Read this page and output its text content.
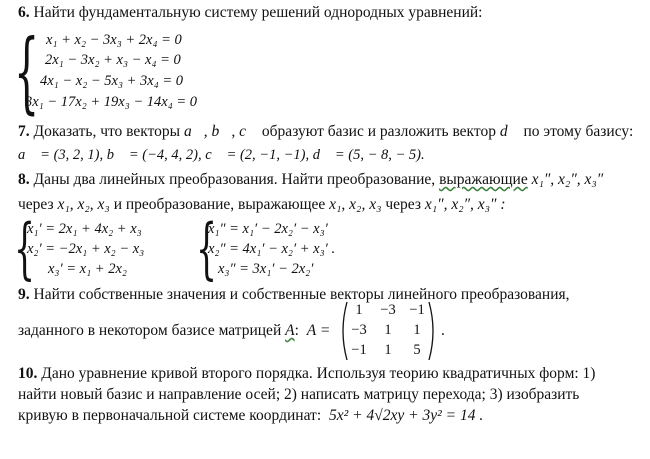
6. Найти фундаментальную систему решений однородных уравнений:
{ x₁ + x₂ − 3x₃ + 2x₄ = 0
2x₁ − 3x₂ + x₃ − x₄ = 0
4x₁ − x₂ − 5x₃ + 3x₄ = 0
3x₁ − 17x₂ + 19x₃ − 14x₄ = 0
7. Доказать, что векторы a⃗, b⃗, c⃗ образуют базис и разложить вектор d⃗ по этому базису:
a⃗ = (3, 2, 1), b⃗ = (−4, 4, 2), c⃗ = (2, −1, −1), d⃗ = (5, − 8, − 5).
8. Даны два линейных преобразования. Найти преобразование, выражающие x₁″, x₂″, x₃″
через x₁, x₂, x₃ и преобразование, выражающее x₁, x₂, x₃ через x₁″, x₂″, x₃″ :
{
x₁′ = 2x₁ + 4x₂ + x₃
x₂′ = −2x₁ + x₂ − x₃
x₃′ = x₁ + 2x₂ {
x₁″ = x₁′ − 2x₂′ − x₃′
x₂″ = 4x₁′ − x₂′ + x₃′ .
x₃″ = 3x₁′ − 2x₂′
9. Найти собственные значения и собственные векторы линейного преобразования,
заданного в некотором базисе матрицей A: A =
1	−3 −1
−3	1	1
−1	1	5
.
10. Дано уравнение кривой второго порядка. Используя теорию квадратичных форм: 1)
найти новый базис и направление осей; 2) написать матрицу перехода; 3) изобразить
кривую в первоначальной системе координат: 5x² + 4√2xy + 3y² = 14 .
